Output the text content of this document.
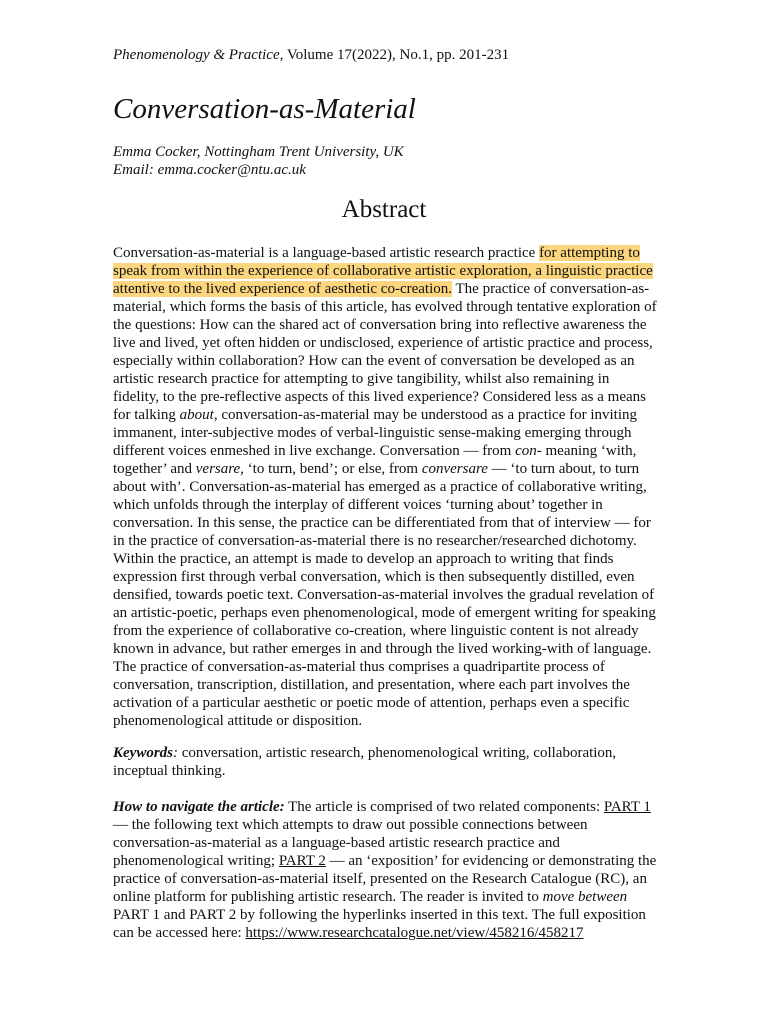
Phenomenology & Practice, Volume 17(2022), No.1, pp. 201-231
Conversation-as-Material
Emma Cocker, Nottingham Trent University, UK
Email: emma.cocker@ntu.ac.uk
Abstract
Conversation-as-material is a language-based artistic research practice for attempting to speak from within the experience of collaborative artistic exploration, a linguistic practice attentive to the lived experience of aesthetic co-creation. The practice of conversation-as-material, which forms the basis of this article, has evolved through tentative exploration of the questions: How can the shared act of conversation bring into reflective awareness the live and lived, yet often hidden or undisclosed, experience of artistic practice and process, especially within collaboration? How can the event of conversation be developed as an artistic research practice for attempting to give tangibility, whilst also remaining in fidelity, to the pre-reflective aspects of this lived experience? Considered less as a means for talking about, conversation-as-material may be understood as a practice for inviting immanent, inter-subjective modes of verbal-linguistic sense-making emerging through different voices enmeshed in live exchange. Conversation — from con- meaning ‘with, together’ and versare, ‘to turn, bend’; or else, from conversare — ‘to turn about, to turn about with’. Conversation-as-material has emerged as a practice of collaborative writing, which unfolds through the interplay of different voices ‘turning about’ together in conversation. In this sense, the practice can be differentiated from that of interview — for in the practice of conversation-as-material there is no researcher/researched dichotomy. Within the practice, an attempt is made to develop an approach to writing that finds expression first through verbal conversation, which is then subsequently distilled, even densified, towards poetic text. Conversation-as-material involves the gradual revelation of an artistic-poetic, perhaps even phenomenological, mode of emergent writing for speaking from the experience of collaborative co-creation, where linguistic content is not already known in advance, but rather emerges in and through the lived working-with of language. The practice of conversation-as-material thus comprises a quadripartite process of conversation, transcription, distillation, and presentation, where each part involves the activation of a particular aesthetic or poetic mode of attention, perhaps even a specific phenomenological attitude or disposition.
Keywords: conversation, artistic research, phenomenological writing, collaboration, inceptual thinking.
How to navigate the article: The article is comprised of two related components: PART 1 — the following text which attempts to draw out possible connections between conversation-as-material as a language-based artistic research practice and phenomenological writing; PART 2 — an ‘exposition’ for evidencing or demonstrating the practice of conversation-as-material itself, presented on the Research Catalogue (RC), an online platform for publishing artistic research. The reader is invited to move between PART 1 and PART 2 by following the hyperlinks inserted in this text. The full exposition can be accessed here: https://www.researchcatalogue.net/view/458216/458217
